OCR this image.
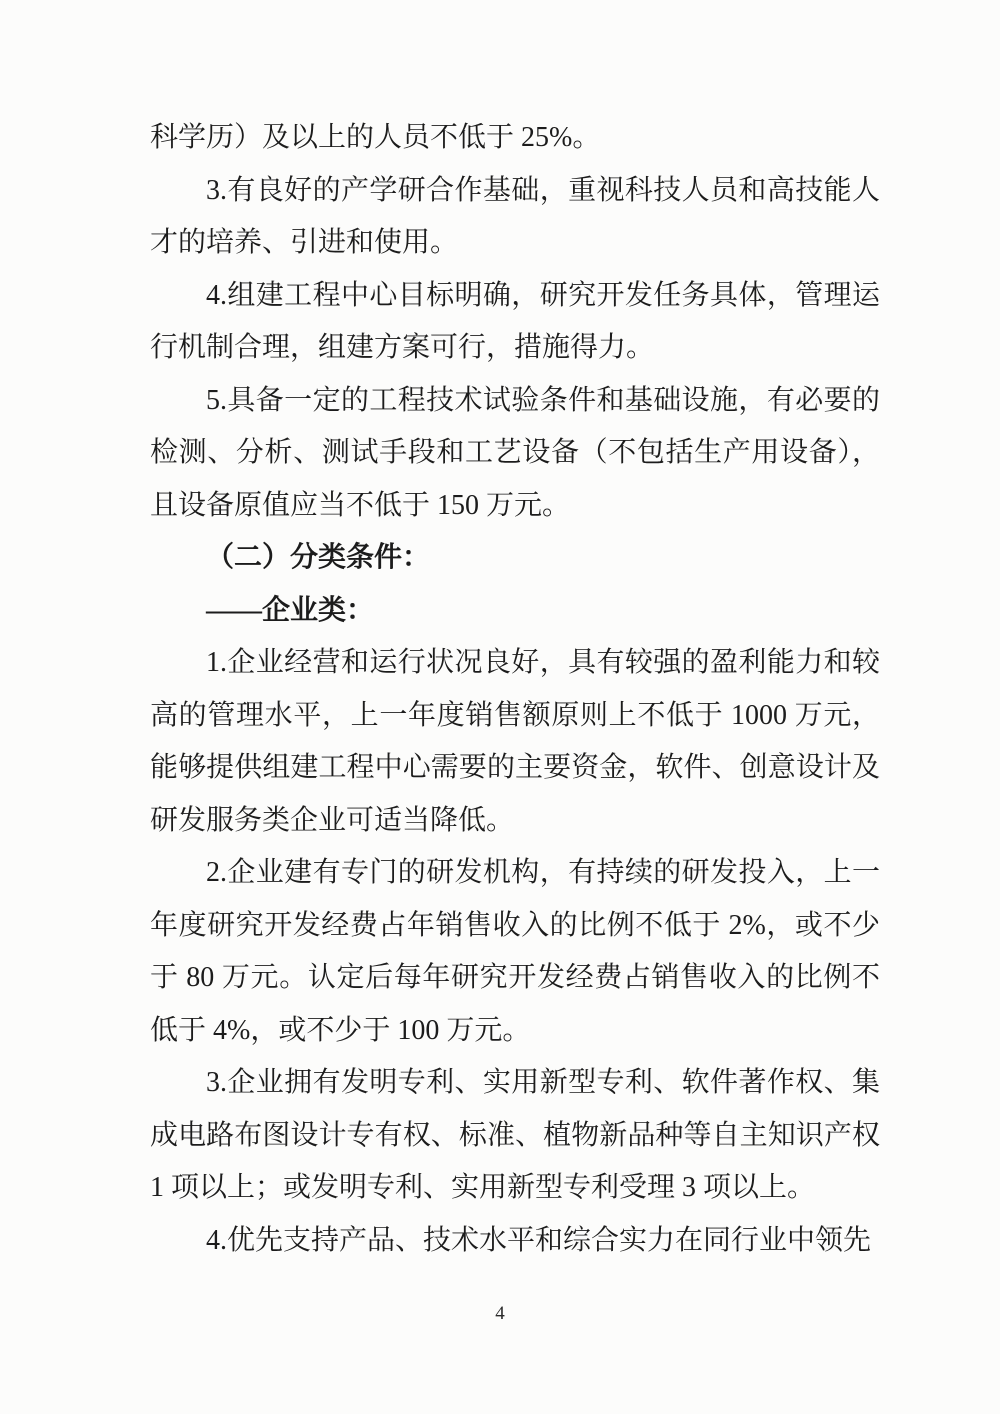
科学历）及以上的人员不低于 25%。

3.有良好的产学研合作基础，重视科技人员和高技能人才的培养、引进和使用。

4.组建工程中心目标明确，研究开发任务具体，管理运行机制合理，组建方案可行，措施得力。

5.具备一定的工程技术试验条件和基础设施，有必要的检测、分析、测试手段和工艺设备（不包括生产用设备），且设备原值应当不低于 150 万元。

（二）分类条件：

——企业类：

1.企业经营和运行状况良好，具有较强的盈利能力和较高的管理水平，上一年度销售额原则上不低于 1000 万元，能够提供组建工程中心需要的主要资金，软件、创意设计及研发服务类企业可适当降低。

2.企业建有专门的研发机构，有持续的研发投入，上一年度研究开发经费占年销售收入的比例不低于 2%，或不少于 80 万元。认定后每年研究开发经费占销售收入的比例不低于 4%，或不少于 100 万元。

3.企业拥有发明专利、实用新型专利、软件著作权、集成电路布图设计专有权、标准、植物新品种等自主知识产权 1 项以上；或发明专利、实用新型专利受理 3 项以上。

4.优先支持产品、技术水平和综合实力在同行业中领先

4
